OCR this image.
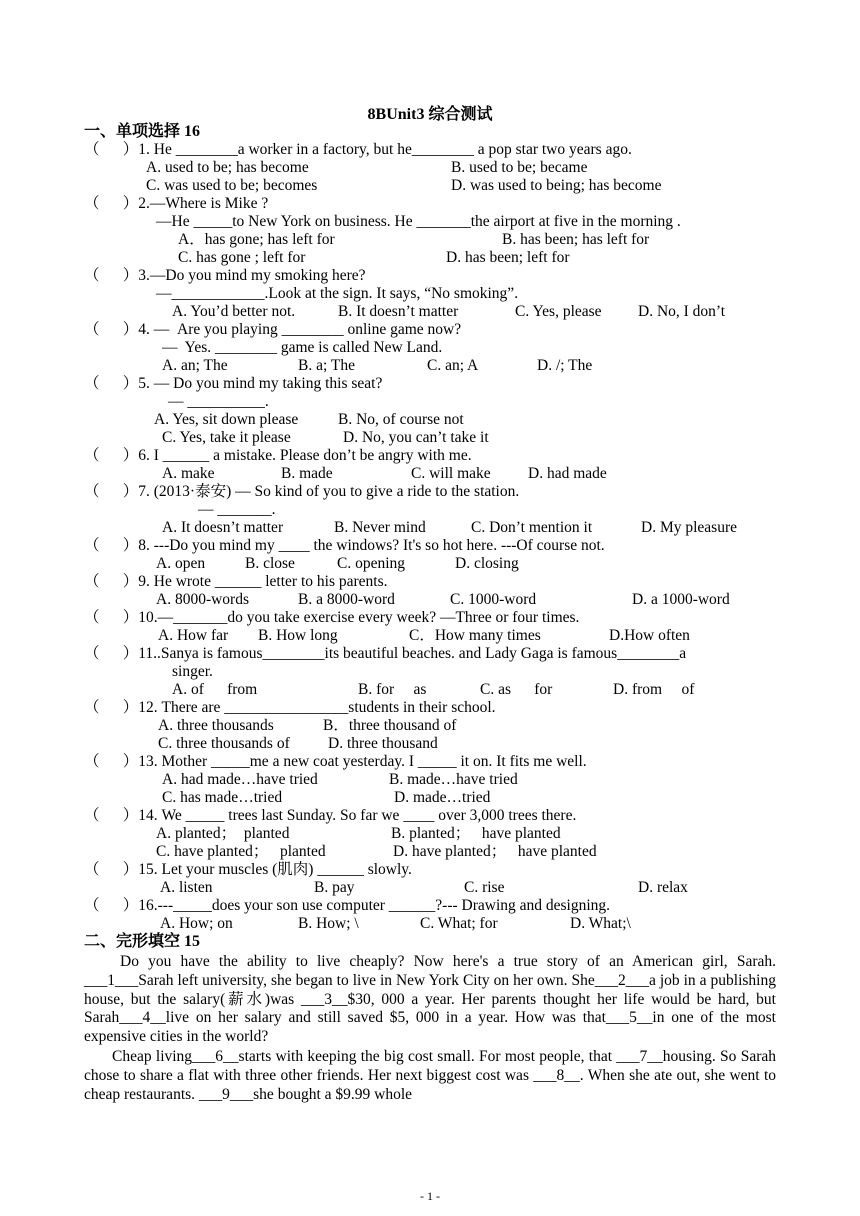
8BUnit3 综合测试
一、单项选择 16
（      ）1. He ________a worker in a factory, but he________ a pop star two years ago.
A. used to be; has become	B. used to be; became
C. was used to be; becomes	D. was used to being; has become
（      ）2.—Where is Mike ?
—He _____to New York on business. He _______the airport at five in the morning .
A．has gone; has left for	B. has been; has left for
C. has gone ; left for	D. has been; left for
（      ）3.—Do you mind my smoking here?
—____________.Look at the sign. It says, “No smoking”.
A. You’d better not.	B. It doesn’t matter	C. Yes, please D. No, I don’t
（      ）4. —  Are you playing ________ online game now?
—  Yes. ________ game is called New Land.
A. an; The	B. a; The	C. an; A	D. /; The
（      ）5. — Do you mind my taking this seat?
— __________.
A. Yes, sit down please	B. No, of course not
C. Yes, take it please	D. No, you can’t take it
（      ）6. I ______ a mistake. Please don’t be angry with me.
A. make	B. made	C. will make D. had made
（      ）7. (2013·泰安) — So kind of you to give a ride to the station.
— _______.
A. It doesn’t matter	B. Never mind	C. Don’t mention it	D. My pleasure
（      ）8. ---Do you mind my ____ the windows? It's so hot here. ---Of course not.
A. open	B. close	C. opening	D. closing
（      ）9. He wrote ______ letter to his parents.
A. 8000-words	B. a 8000-word	C. 1000-word	D. a 1000-word
（      ）10.—_______do you take exercise every week? —Three or four times.
A. How far B. How long	C．How many times	D.How often
（      ）11..Sanya is famous________its beautiful beaches. and Lady Gaga is famous________a
singer.
A. of      from	B. for     as	C. as      for	D. from     of
（      ）12. There are ________________students in their school.
A. three thousands	B．three thousand of
C. three thousands of D. three thousand
（      ）13. Mother _____me a new coat yesterday. I _____ it on. It fits me well.
A. had made…have tried	B. made…have tried
C. has made…tried	D. made…tried
（      ）14. We _____ trees last Sunday. So far we ____ over 3,000 trees there.
A. planted；  planted	B. planted；   have planted
C. have planted；   planted	D. have planted；   have planted
（      ）15. Let your muscles (肌肉) ______ slowly.
A. listen	B. pay	C. rise	D. relax
（      ）16.---_____does your son use computer ______?--- Drawing and designing.
A. How; on	B. How; \	C. What; for	D. What;\
二、完形填空 15
Do you have the ability to live cheaply? Now here's a true story of an American girl, Sarah. ___1___Sarah left university, she began to live in New York City on her own. She___2___a job in a publishing house, but the salary(薪水)was ___3__$30, 000 a year. Her parents thought her life would be hard, but Sarah___4__live on her salary and still saved $5, 000 in a year. How was that___5__in one of the most expensive cities in the world?
Cheap living___6__starts with keeping the big cost small. For most people, that ___7__housing. So Sarah chose to share a flat with three other friends. Her next biggest cost was ___8__. When she ate out, she went to cheap restaurants. ___9___she bought a $9.99 whole
- 1 -
